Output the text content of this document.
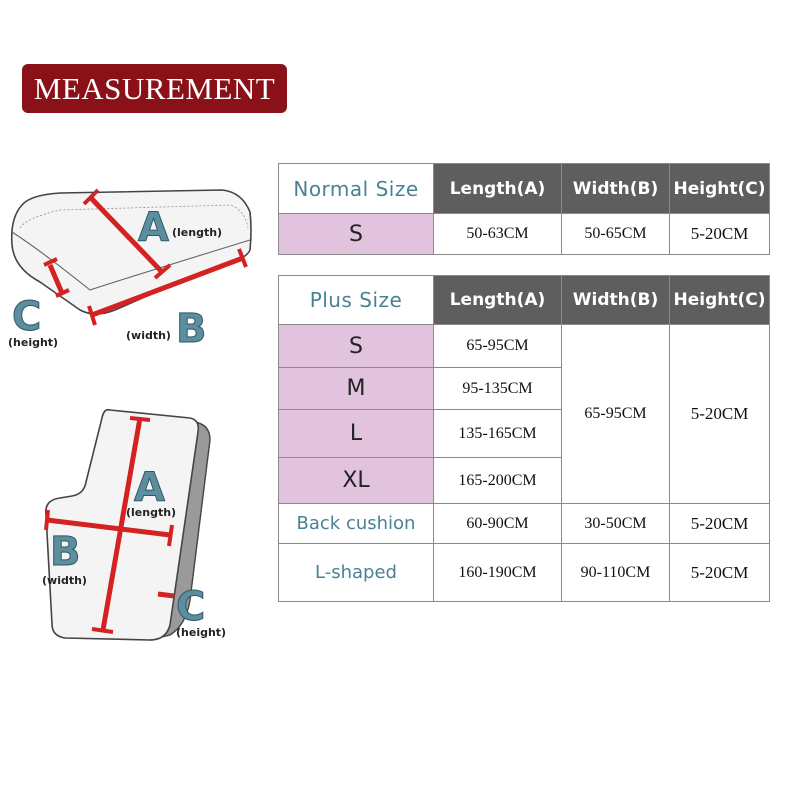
MEASUREMENT
A (length)
B
(width)
C
(height)
A
(length)
B
(width)
C
(height)
Normal Size	Length(A)	Width(B)	Height(C)
S	50-63CM	50-65CM	5-20CM
Plus Size	Length(A)	Width(B)	Height(C)
S	65-95CM	65-95CM	5-20CM
M	95-135CM		
L	135-165CM		
XL	165-200CM		
Back cushion	60-90CM	30-50CM	5-20CM
L-shaped	160-190CM	90-110CM	5-20CM
